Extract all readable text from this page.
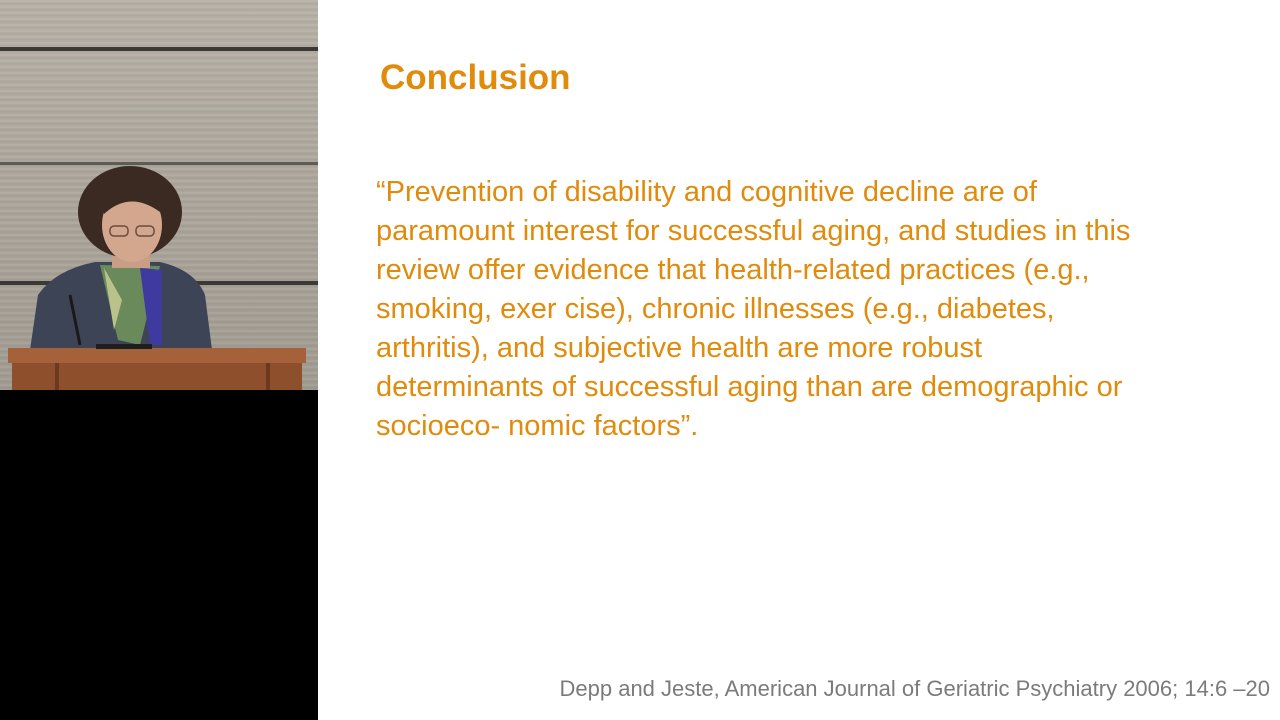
Conclusion
“Prevention of disability and cognitive decline are of
paramount interest for successful aging, and studies in this
review offer evidence that health-related practices (e.g.,
smoking, exer cise), chronic illnesses (e.g., diabetes,
arthritis), and subjective health are more robust
determinants of successful aging than are demographic or
socioeco- nomic factors”.
Depp and Jeste, American Journal of Geriatric Psychiatry 2006; 14:6 –20
